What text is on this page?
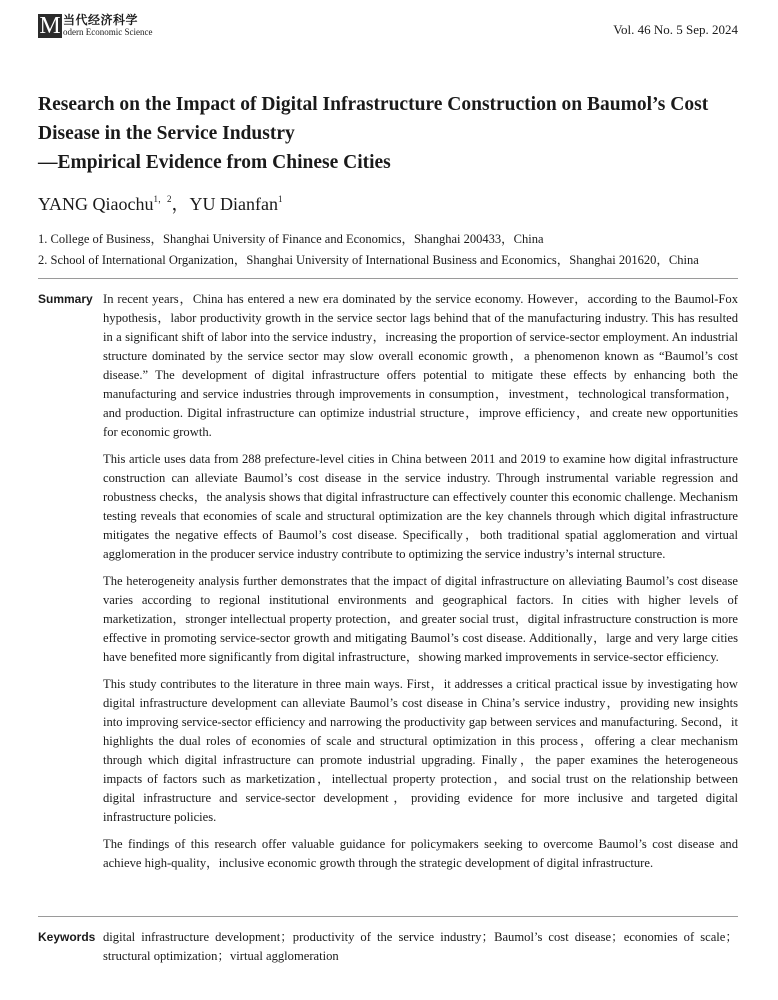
M 当代经济科学
odern Economic Science	Vol. 46 No. 5 Sep. 2024
Research on the Impact of Digital Infrastructure Construction on Baumol’s Cost
Disease in the Service Industry
—Empirical Evidence from Chinese Cities
YANG Qiaochu$^{1,2}$，YU Dianfan$^1$
1. College of Business，Shanghai University of Finance and Economics，Shanghai 200433，China
2. School of International Organization，Shanghai University of International Business and Economics，Shanghai 201620，China
Summary In recent years，China has entered a new era dominated by the service economy. However，according to the Baumol-Fox hypothesis，labor productivity growth in the service sector lags behind that of the manufacturing industry. This has resulted in a significant shift of labor into the service industry，increasing the proportion of service-sector employment. An industrial structure dominated by the service sector may slow overall economic growth，a phenomenon known as “Baumol’s cost disease.” The development of digital infrastructure offers potential to mitigate these effects by enhancing both the manufacturing and service industries through improvements in consumption，investment，technological transformation，and production. Digital infrastructure can optimize industrial structure，improve efficiency，and create new opportunities for economic growth.

This article uses data from 288 prefecture-level cities in China between 2011 and 2019 to examine how digital infrastructure construction can alleviate Baumol’s cost disease in the service industry. Through instrumental variable regression and robustness checks，the analysis shows that digital infrastructure can effectively counter this economic challenge. Mechanism testing reveals that economies of scale and structural optimization are the key channels through which digital infrastructure mitigates the negative effects of Baumol’s cost disease. Specifically，both traditional spatial agglomeration and virtual agglomeration in the producer service industry contribute to optimizing the service industry’s internal structure.

The heterogeneity analysis further demonstrates that the impact of digital infrastructure on alleviating Baumol’s cost disease varies according to regional institutional environments and geographical factors. In cities with higher levels of marketization，stronger intellectual property protection，and greater social trust，digital infrastructure construction is more effective in promoting service-sector growth and mitigating Baumol’s cost disease. Additionally，large and very large cities have benefited more significantly from digital infrastructure，showing marked improvements in service-sector efficiency.

This study contributes to the literature in three main ways. First，it addresses a critical practical issue by investigating how digital infrastructure development can alleviate Baumol’s cost disease in China’s service industry，providing new insights into improving service-sector efficiency and narrowing the productivity gap between services and manufacturing. Second，it highlights the dual roles of economies of scale and structural optimization in this process，offering a clear mechanism through which digital infrastructure can promote industrial upgrading. Finally，the paper examines the heterogeneous impacts of factors such as marketization，intellectual property protection，and social trust on the relationship between digital infrastructure and service-sector development，providing evidence for more inclusive and targeted digital infrastructure policies.

The findings of this research offer valuable guidance for policymakers seeking to overcome Baumol’s cost disease and achieve high-quality，inclusive economic growth through the strategic development of digital infrastructure.

Keywords digital infrastructure development；productivity of the service industry；Baumol’s cost disease；economies of scale；structural optimization；virtual agglomeration
